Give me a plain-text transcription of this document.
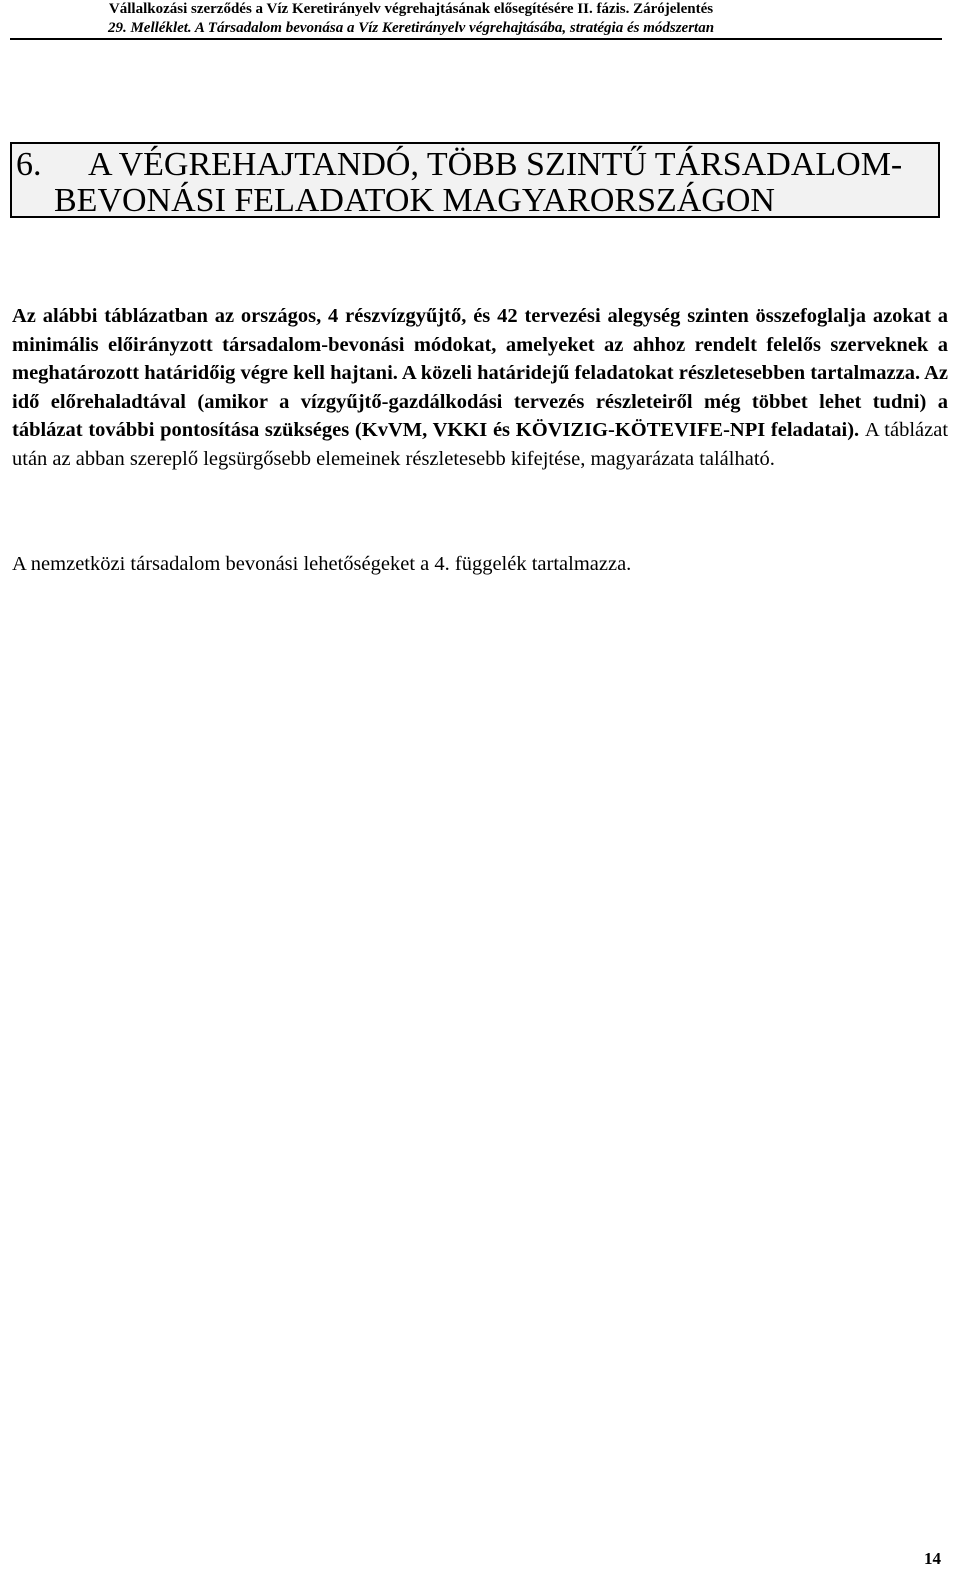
Vállalkozási szerződés a Víz Keretirányelv végrehajtásának elősegítésére II. fázis. Zárójelentés
29. Melléklet. A Társadalom bevonása a Víz Keretirányelv végrehajtásába, stratégia és módszertan
6.	A VÉGREHAJTANDÓ, TÖBB SZINTŰ TÁRSADALOM-
BEVONÁSI FELADATOK MAGYARORSZÁGON

Az alábbi táblázatban az országos, 4 részvízgyűjtő, és 42 tervezési alegység szinten összefoglalja azokat a minimális előirányzott társadalom-bevonási módokat, amelyeket az ahhoz rendelt felelős szerveknek a meghatározott határidőig végre kell hajtani. A közeli határidejű feladatokat részletesebben tartalmazza. Az idő előrehaladtával (amikor a vízgyűjtő-gazdálkodási tervezés részleteiről még többet lehet tudni) a táblázat további pontosítása szükséges (KvVM, VKKI és KÖVIZIG-KÖTEVIFE-NPI feladatai). A táblázat után az abban szereplő legsürgősebb elemeinek részletesebb kifejtése, magyarázata található.

A nemzetközi társadalom bevonási lehetőségeket a 4. függelék tartalmazza.

14
